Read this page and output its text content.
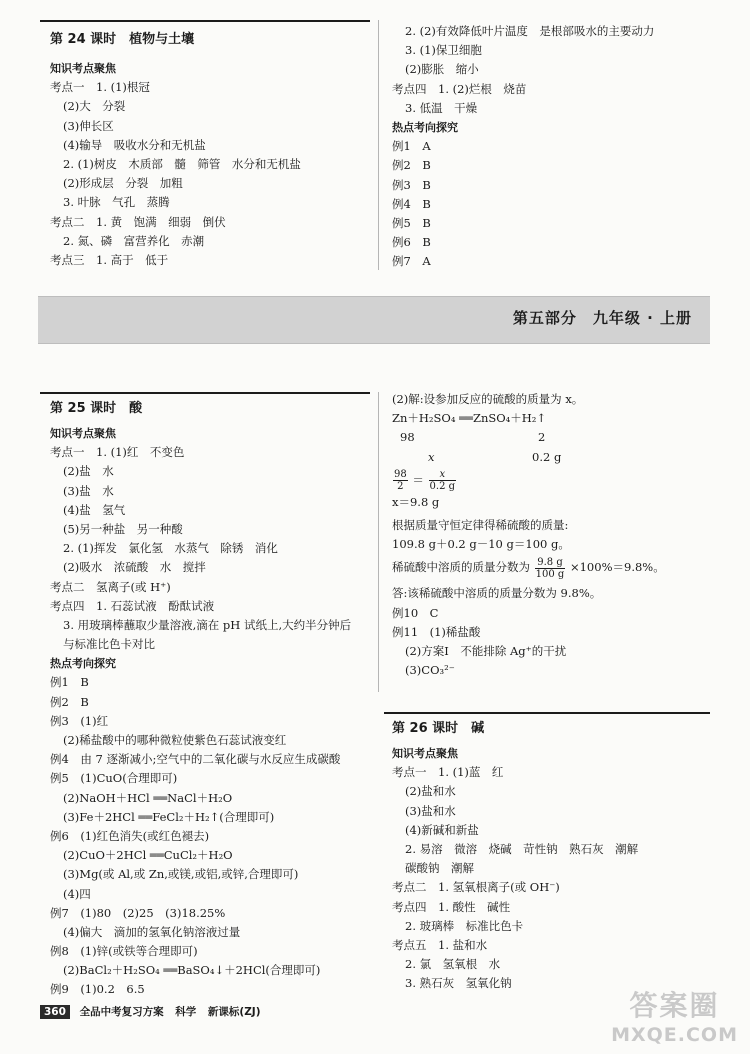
第 24 课时　植物与土壤
知识考点聚焦
考点一　1. (1)根冠
(2)大　分裂
(3)伸长区
(4)输导　吸收水分和无机盐
2. (1)树皮　木质部　髓　筛管　水分和无机盐
(2)形成层　分裂　加粗
3. 叶脉　气孔　蒸腾
考点二　1. 黄　饱满　细弱　倒伏
2. 氮、磷　富营养化　赤潮
考点三　1. 高于　低于
2. (2)有效降低叶片温度　是根部吸水的主要动力
3. (1)保卫细胞
(2)膨胀　缩小
考点四　1. (2)烂根　烧苗
3. 低温　干燥
热点考向探究
例1　A
例2　B
例3　B
例4　B
例5　B
例6　B
例7　A
第五部分　九年级 · 上册
第 25 课时　酸
知识考点聚焦
考点一　1. (1)红　不变色
(2)盐　水
(3)盐　水
(4)盐　氢气
(5)另一种盐　另一种酸
2. (1)挥发　氯化氢　水蒸气　除锈　消化
(2)吸水　浓硫酸　水　搅拌
考点二　氢离子(或 H⁺)
考点四　1. 石蕊试液　酚酞试液
3. 用玻璃棒蘸取少量溶液,滴在 pH 试纸上,大约半分钟后
与标准比色卡对比
热点考向探究
例1　B
例2　B
例3　(1)红
(2)稀盐酸中的哪种微粒使紫色石蕊试液变红
例4　由 7 逐渐减小;空气中的二氧化碳与水反应生成碳酸
例5　(1)CuO(合理即可)
(2)NaOH＋HCl ══NaCl＋H₂O
(3)Fe＋2HCl ══FeCl₂＋H₂↑(合理即可)
例6　(1)红色消失(或红色褪去)
(2)CuO＋2HCl ══CuCl₂＋H₂O
(3)Mg(或 Al,或 Zn,或镁,或铝,或锌,合理即可)
(4)四
例7　(1)80　(2)25　(3)18.25%
(4)偏大　滴加的氢氧化钠溶液过量
例8　(1)锌(或铁等合理即可)
(2)BaCl₂＋H₂SO₄ ══BaSO₄↓＋2HCl(合理即可)
例9　(1)0.2　6.5
(2)解:设参加反应的硫酸的质量为 x。
Zn＋H₂SO₄ ══ZnSO₄＋H₂↑
98	2
x	0.2 g
$\frac{98}{2} = \frac{x}{0.2 g}$
x＝9.8 g
根据质量守恒定律得稀硫酸的质量:
109.8 g＋0.2 g－10 g＝100 g。
稀硫酸中溶质的质量分数为 $\frac{9.8 g}{100 g} \times 100\%=9.8\%$。
答:该稀硫酸中溶质的质量分数为 9.8%。
例10　C
例11　(1)稀盐酸
(2)方案Ⅰ　不能排除 Ag⁺的干扰
(3)CO₃²⁻
第 26 课时　碱
知识考点聚焦
考点一　1. (1)蓝　红
(2)盐和水
(3)盐和水
(4)新碱和新盐
2. 易溶　微溶　烧碱　苛性钠　熟石灰　潮解
碳酸钠　潮解
考点二　1. 氢氧根离子(或 OH⁻)
考点四　1. 酸性　碱性
2. 玻璃棒　标准比色卡
考点五　1. 盐和水
2. 氯　氢氧根　水
3. 熟石灰　氢氧化钠
360 全品中考复习方案 科学 新课标(ZJ)	答案圈
MXQE.COM
